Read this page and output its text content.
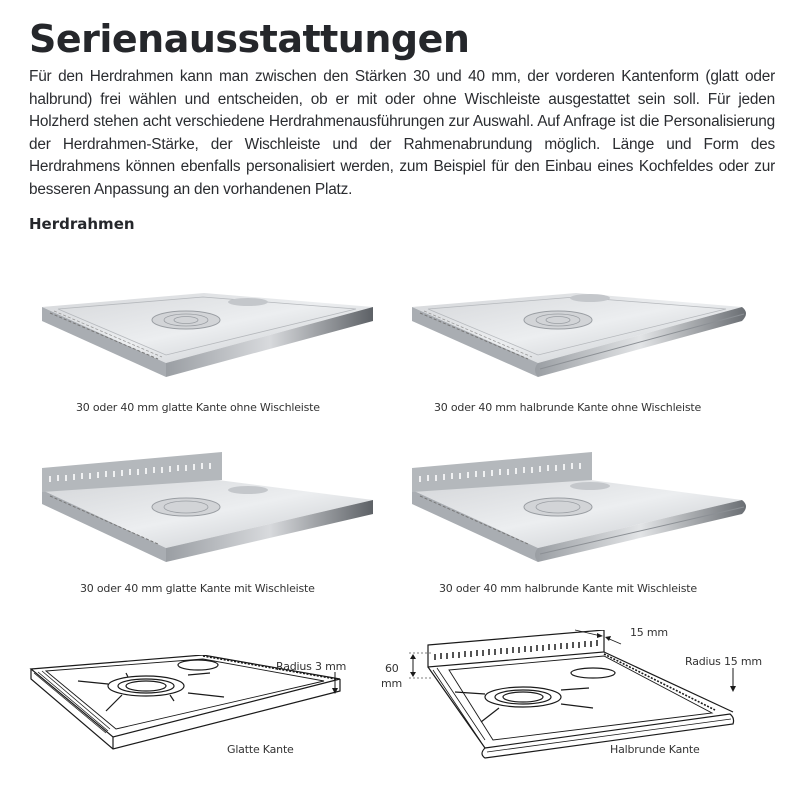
Serienausstattungen

Für den Herdrahmen kann man zwischen den Stärken 30 und 40 mm, der vorderen Kantenform (glatt oder halbrund) frei wählen und entscheiden, ob er mit oder ohne Wischleiste ausgestattet sein soll. Für jeden Holzherd stehen acht verschiedene Herdrahmenausführungen zur Auswahl. Auf Anfrage ist die Personalisierung der Herdrahmen-Stärke, der Wischleiste und der Rahmenabrundung möglich. Länge und Form des Herdrahmens können ebenfalls personalisiert werden, zum Beispiel für den Einbau eines Kochfeldes oder zur besseren Anpassung an den vorhandenen Platz.

Herdrahmen
30 oder 40 mm glatte Kante ohne Wischleiste	30 oder 40 mm halbrunde Kante ohne Wischleiste
30 oder 40 mm glatte Kante mit Wischleiste	30 oder 40 mm halbrunde Kante mit Wischleiste
Radius 3 mm
Glatte Kante
60
mm
15 mm
Radius 15 mm
Halbrunde Kante
